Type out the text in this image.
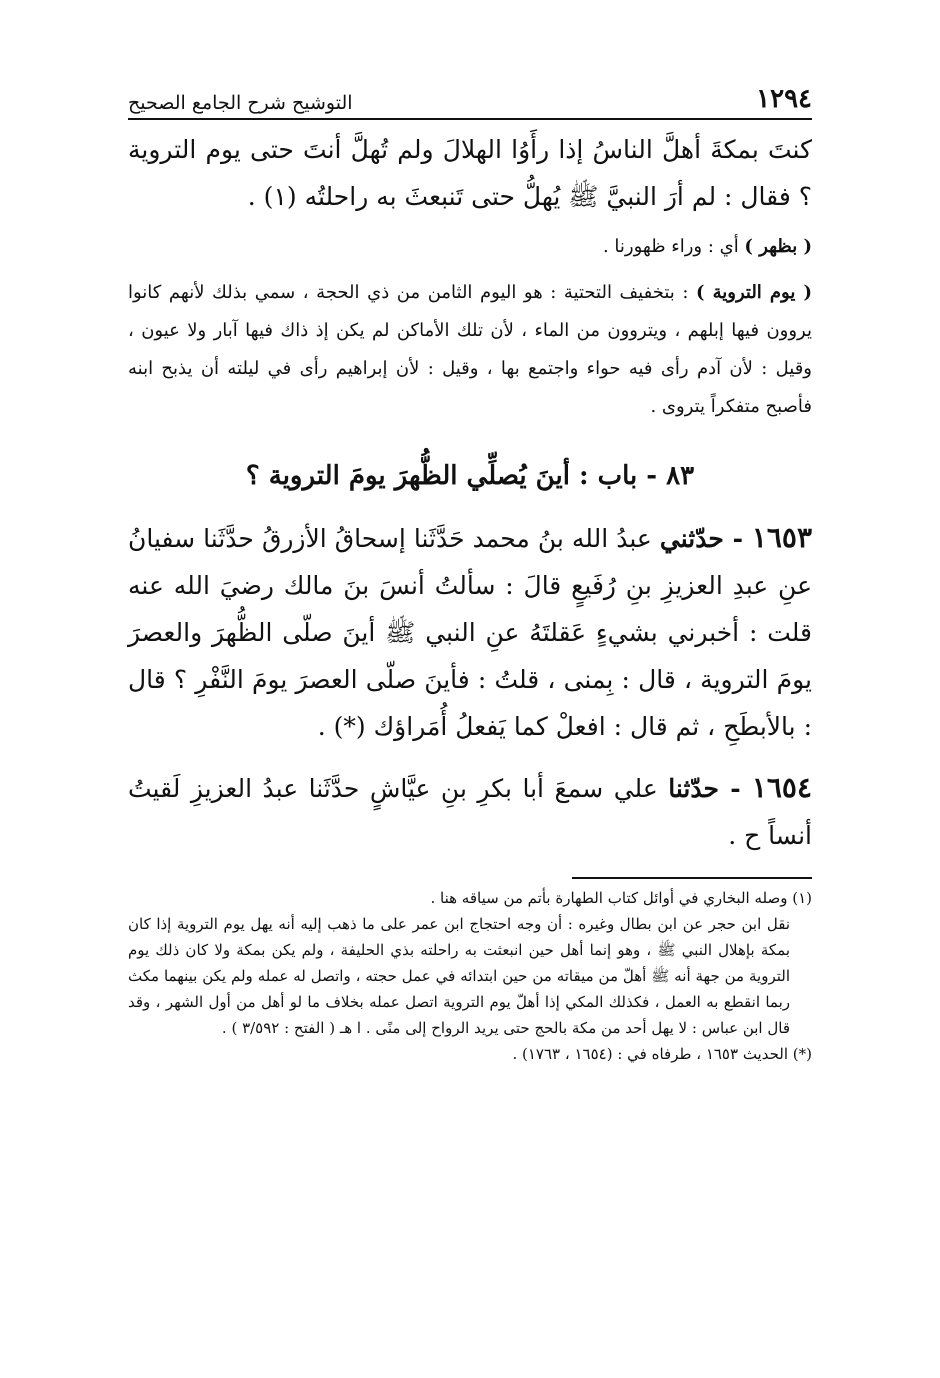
١٢٩٤
التوشيح شرح الجامع الصحيح

كنتَ بمكةَ أهلَّ الناسُ إذا رأَوُا الهلالَ ولم تُهلَّ أنتَ حتى يوم التروية ؟ فقال : لم أرَ النبيَّ ﷺ يُهلُّ حتى تَنبعثَ به راحلتُه (١) .

( بظهر ) أي : وراء ظهورنا .

( يوم التروية ) : بتخفيف التحتية : هو اليوم الثامن من ذي الحجة ، سمي بذلك لأنهم كانوا يروون فيها إبلهم ، ويتروون من الماء ، لأن تلك الأماكن لم يكن إذ ذاك فيها آبار ولا عيون ، وقيل : لأن آدم رأى فيه حواء واجتمع بها ، وقيل : لأن إبراهيم رأى في ليلته أن يذبح ابنه فأصبح متفكراً يتروى .

٨٣ - باب : أينَ يُصلِّي الظُّهرَ يومَ التروية ؟

١٦٥٣ - حدّثني عبدُ الله بنُ محمد حَدَّثَنا إسحاقُ الأزرقُ حدَّثَنا سفيانُ عنِ عبدِ العزيزِ بنِ رُفَيعٍ قالَ : سألتُ أنسَ بنَ مالك رضيَ الله عنه قلت : أخبرني بشيءٍ عَقلتَهُ عنِ النبي ﷺ أينَ صلّى الظُّهرَ والعصرَ يومَ التروية ، قال : بِمنى ، قلتُ : فأينَ صلّى العصرَ يومَ النَّفْرِ ؟ قال : بالأبطَحِ ، ثم قال : افعلْ كما يَفعلُ أُمَراؤك (*) .

١٦٥٤ - حدّثنا علي سمعَ أبا بكرِ بنِ عيَّاشٍ حدَّثَنا عبدُ العزيزِ لَقيتُ أنساً ح .

(١) وصله البخاري في أوائل كتاب الطهارة بأتم من سياقه هنا .

نقل ابن حجر عن ابن بطال وغيره : أن وجه احتجاج ابن عمر على ما ذهب إليه أنه يهل يوم التروية إذا كان بمكة بإهلال النبي ﷺ ، وهو إنما أهل حين انبعثت به راحلته بذي الحليفة ، ولم يكن بمكة ولا كان ذلك يوم التروية من جهة أنه ﷺ أهلّ من ميقاته من حين ابتدائه في عمل حجته ، واتصل له عمله ولم يكن بينهما مكث ربما انقطع به العمل ، فكذلك المكي إذا أهلّ يوم التروية اتصل عمله بخلاف ما لو أهل من أول الشهر ، وقد قال ابن عباس : لا يهل أحد من مكة بالحج حتى يريد الرواح إلى منًى . ا هـ ( الفتح : ٣/٥٩٢ ) .

(*) الحديث ١٦٥٣ ، طرفاه في : (١٦٥٤ ، ١٧٦٣) .
